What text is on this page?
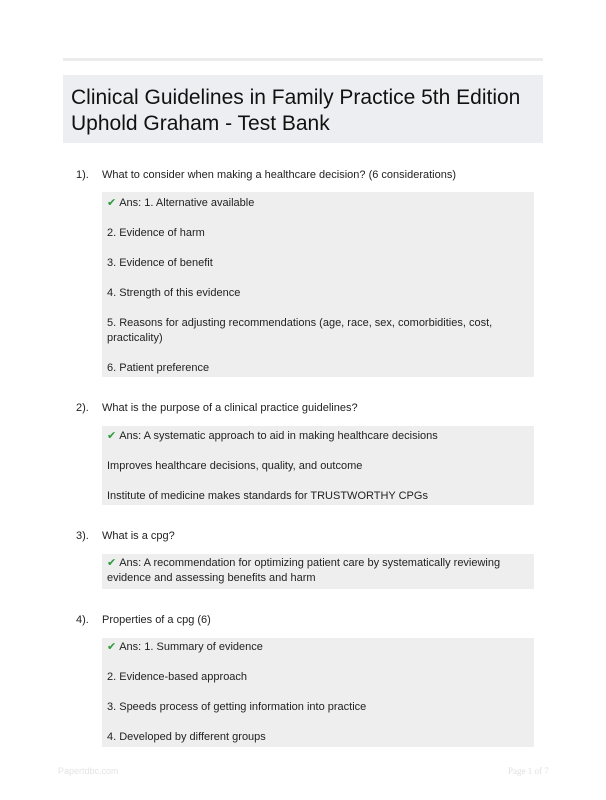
Clinical Guidelines in Family Practice 5th Edition
Uphold Graham - Test Bank
1). What to consider when making a healthcare decision? (6 considerations)

✔ Ans: 1. Alternative available

2. Evidence of harm

3. Evidence of benefit

4. Strength of this evidence

5. Reasons for adjusting recommendations (age, race, sex, comorbidities, cost,

practicality)

6. Patient preference

2). What is the purpose of a clinical practice guidelines?

✔ Ans: A systematic approach to aid in making healthcare decisions

Improves healthcare decisions, quality, and outcome

Institute of medicine makes standards for TRUSTWORTHY CPGs

3). What is a cpg?

✔ Ans: A recommendation for optimizing patient care by systematically reviewing

evidence and assessing benefits and harm

4). Properties of a cpg (6)

✔ Ans: 1. Summary of evidence

2. Evidence-based approach

3. Speeds process of getting information into practice

4. Developed by different groups

Papertdbc.com	Page 1 of 7
